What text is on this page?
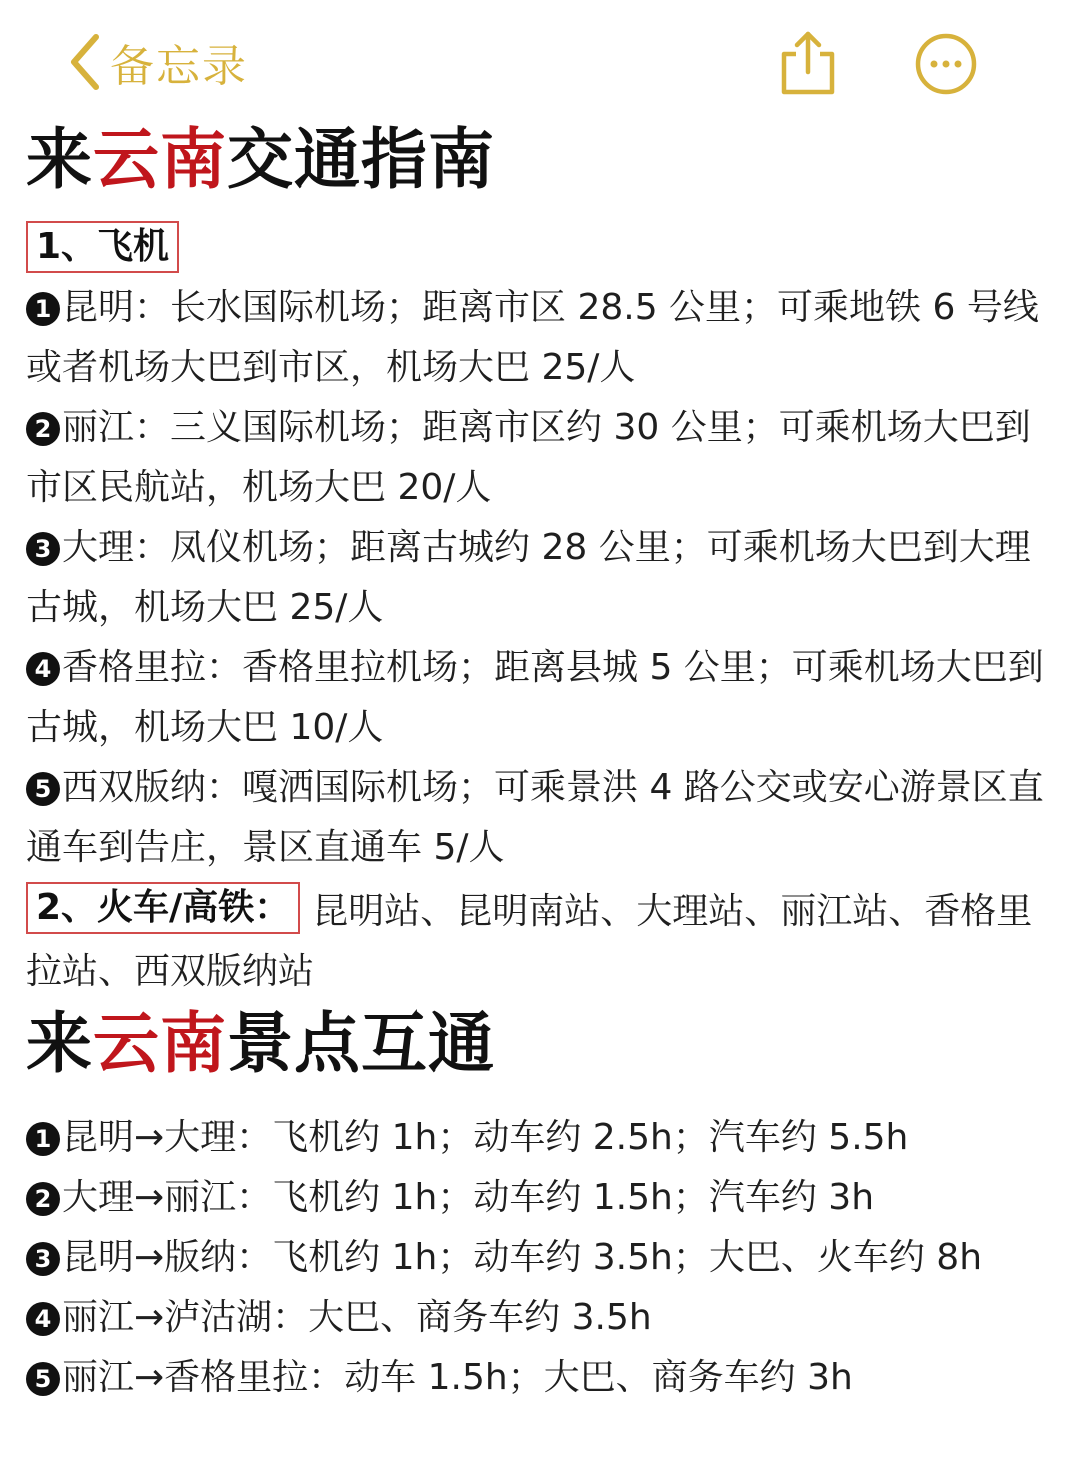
备忘录
来云南交通指南
1、飞机

1 昆明：长水国际机场；距离市区 28.5 公里；可乘地铁 6 号线或者机场大巴到市区，机场大巴 25/人

2 丽江：三义国际机场；距离市区约 30 公里；可乘机场大巴到市区民航站，机场大巴 20/人

3 大理：凤仪机场；距离古城约 28 公里；可乘机场大巴到大理古城，机场大巴 25/人

4 香格里拉：香格里拉机场；距离县城 5 公里；可乘机场大巴到古城，机场大巴 10/人

5 西双版纳：嘎洒国际机场；可乘景洪 4 路公交或安心游景区直通车到告庄，景区直通车 5/人

2、火车/高铁： 昆明站、昆明南站、大理站、丽江站、香格里拉站、西双版纳站

来云南景点互通

1 昆明→大理：飞机约 1h；动车约 2.5h；汽车约 5.5h

2 大理→丽江：飞机约 1h；动车约 1.5h；汽车约 3h

3 昆明→版纳：飞机约 1h；动车约 3.5h；大巴、火车约 8h

4 丽江→泸沽湖：大巴、商务车约 3.5h

5 丽江→香格里拉：动车 1.5h；大巴、商务车约 3h
